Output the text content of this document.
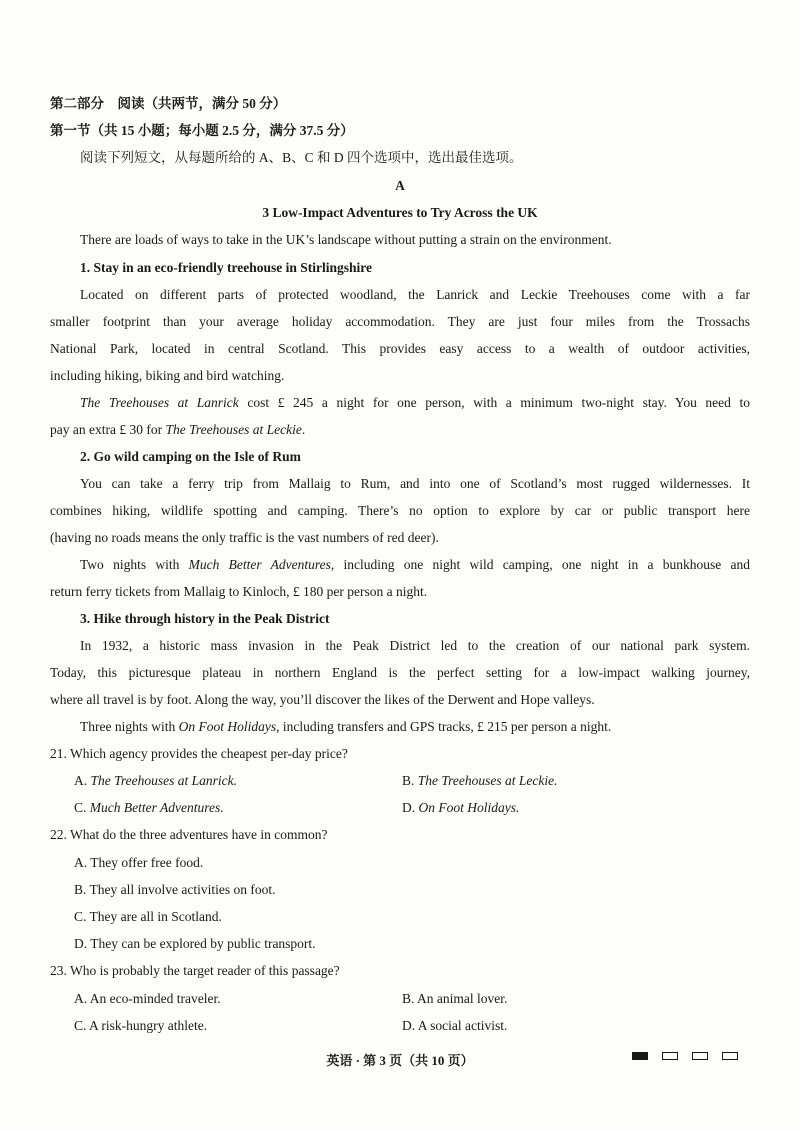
第二部分　阅读（共两节，满分 50 分）
第一节（共 15 小题；每小题 2.5 分，满分 37.5 分）
阅读下列短文，从每题所给的 A、B、C 和 D 四个选项中，选出最佳选项。
A
3 Low-Impact Adventures to Try Across the UK
There are loads of ways to take in the UK’s landscape without putting a strain on the environment.
1. Stay in an eco-friendly treehouse in Stirlingshire
Located on different parts of protected woodland, the Lanrick and Leckie Treehouses come with a far
smaller footprint than your average holiday accommodation. They are just four miles from the Trossachs
National Park, located in central Scotland. This provides easy access to a wealth of outdoor activities,
including hiking, biking and bird watching.
The Treehouses at Lanrick cost £ 245 a night for one person, with a minimum two-night stay. You need to
pay an extra £ 30 for The Treehouses at Leckie.
2. Go wild camping on the Isle of Rum
You can take a ferry trip from Mallaig to Rum, and into one of Scotland’s most rugged wildernesses. It
combines hiking, wildlife spotting and camping. There’s no option to explore by car or public transport here
(having no roads means the only traffic is the vast numbers of red deer).
Two nights with Much Better Adventures, including one night wild camping, one night in a bunkhouse and
return ferry tickets from Mallaig to Kinloch, £ 180 per person a night.
3. Hike through history in the Peak District
In 1932, a historic mass invasion in the Peak District led to the creation of our national park system.
Today, this picturesque plateau in northern England is the perfect setting for a low-impact walking journey,
where all travel is by foot. Along the way, you’ll discover the likes of the Derwent and Hope valleys.
Three nights with On Foot Holidays, including transfers and GPS tracks, £ 215 per person a night.
21. Which agency provides the cheapest per-day price?
A. The Treehouses at Lanrick.	B. The Treehouses at Leckie.
C. Much Better Adventures.	D. On Foot Holidays.
22. What do the three adventures have in common?
A. They offer free food.
B. They all involve activities on foot.
C. They are all in Scotland.
D. They can be explored by public transport.
23. Who is probably the target reader of this passage?
A. An eco-minded traveler.	B. An animal lover.
C. A risk-hungry athlete.	D. A social activist.
英语 · 第 3 页（共 10 页）
